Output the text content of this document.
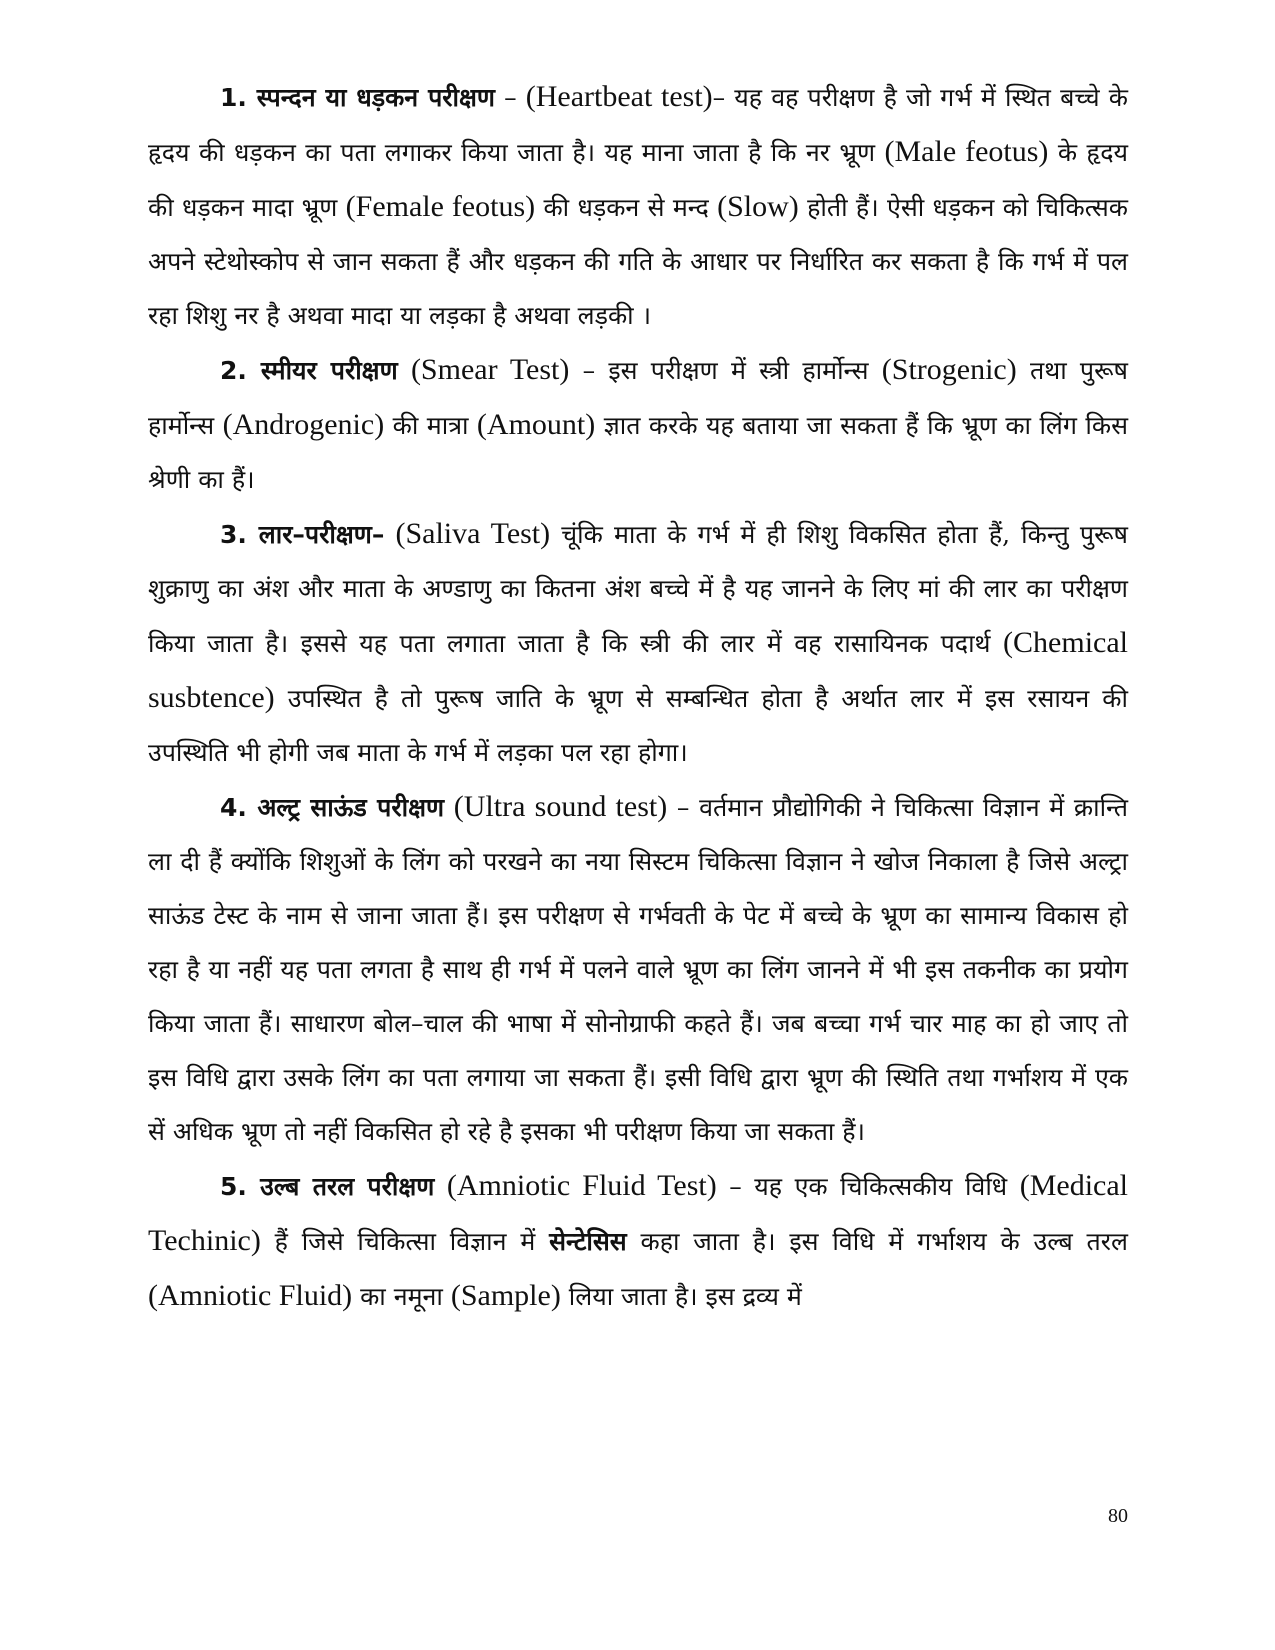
1. स्पन्दन या धड़कन परीक्षण – (Heartbeat test)– यह वह परीक्षण है जो गर्भ में स्थित बच्चे के हृदय की धड़कन का पता लगाकर किया जाता है। यह माना जाता है कि नर भ्रूण (Male feotus) के हृदय की धड़कन मादा भ्रूण (Female feotus) की धड़कन से मन्द (Slow) होती हैं। ऐसी धड़कन को चिकित्सक अपने स्टेथोस्कोप से जान सकता हैं और धड़कन की गति के आधार पर निर्धारित कर सकता है कि गर्भ में पल रहा शिशु नर है अथवा मादा या लड़का है अथवा लड़की ।

2. स्मीयर परीक्षण (Smear Test) – इस परीक्षण में स्त्री हार्मोन्स (Strogenic) तथा पुरूष हार्मोन्स (Androgenic) की मात्रा (Amount) ज्ञात करके यह बताया जा सकता हैं कि भ्रूण का लिंग किस श्रेणी का हैं।

3. लार–परीक्षण– (Saliva Test) चूंकि माता के गर्भ में ही शिशु विकसित होता हैं, किन्तु पुरूष शुक्राणु का अंश और माता के अण्डाणु का कितना अंश बच्चे में है यह जानने के लिए मां की लार का परीक्षण किया जाता है। इससे यह पता लगाता जाता है कि स्त्री की लार में वह रासायिनक पदार्थ (Chemical susbtence) उपस्थित है तो पुरूष जाति के भ्रूण से सम्बन्धित होता है अर्थात लार में इस रसायन की उपस्थिति भी होगी जब माता के गर्भ में लड़का पल रहा होगा।

4. अल्ट्र साऊंड परीक्षण (Ultra sound test) – वर्तमान प्रौद्योगिकी ने चिकित्सा विज्ञान में क्रान्ति ला दी हैं क्योंकि शिशुओं के लिंग को परखने का नया सिस्टम चिकित्सा विज्ञान ने खोज निकाला है जिसे अल्ट्रा साऊंड टेस्ट के नाम से जाना जाता हैं। इस परीक्षण से गर्भवती के पेट में बच्चे के भ्रूण का सामान्य विकास हो रहा है या नहीं यह पता लगता है साथ ही गर्भ में पलने वाले भ्रूण का लिंग जानने में भी इस तकनीक का प्रयोग किया जाता हैं। साधारण बोल–चाल की भाषा में सोनोग्राफी कहते हैं। जब बच्चा गर्भ चार माह का हो जाए तो इस विधि द्वारा उसके लिंग का पता लगाया जा सकता हैं। इसी विधि द्वारा भ्रूण की स्थिति तथा गर्भाशय में एक सें अधिक भ्रूण तो नहीं विकसित हो रहे है इसका भी परीक्षण किया जा सकता हैं।

5. उल्ब तरल परीक्षण (Amniotic Fluid Test) – यह एक चिकित्सकीय विधि (Medical Techinic) हैं जिसे चिकित्सा विज्ञान में सेन्टेसिस कहा जाता है। इस विधि में गर्भाशय के उल्ब तरल (Amniotic Fluid) का नमूना (Sample) लिया जाता है। इस द्रव्य में

80
